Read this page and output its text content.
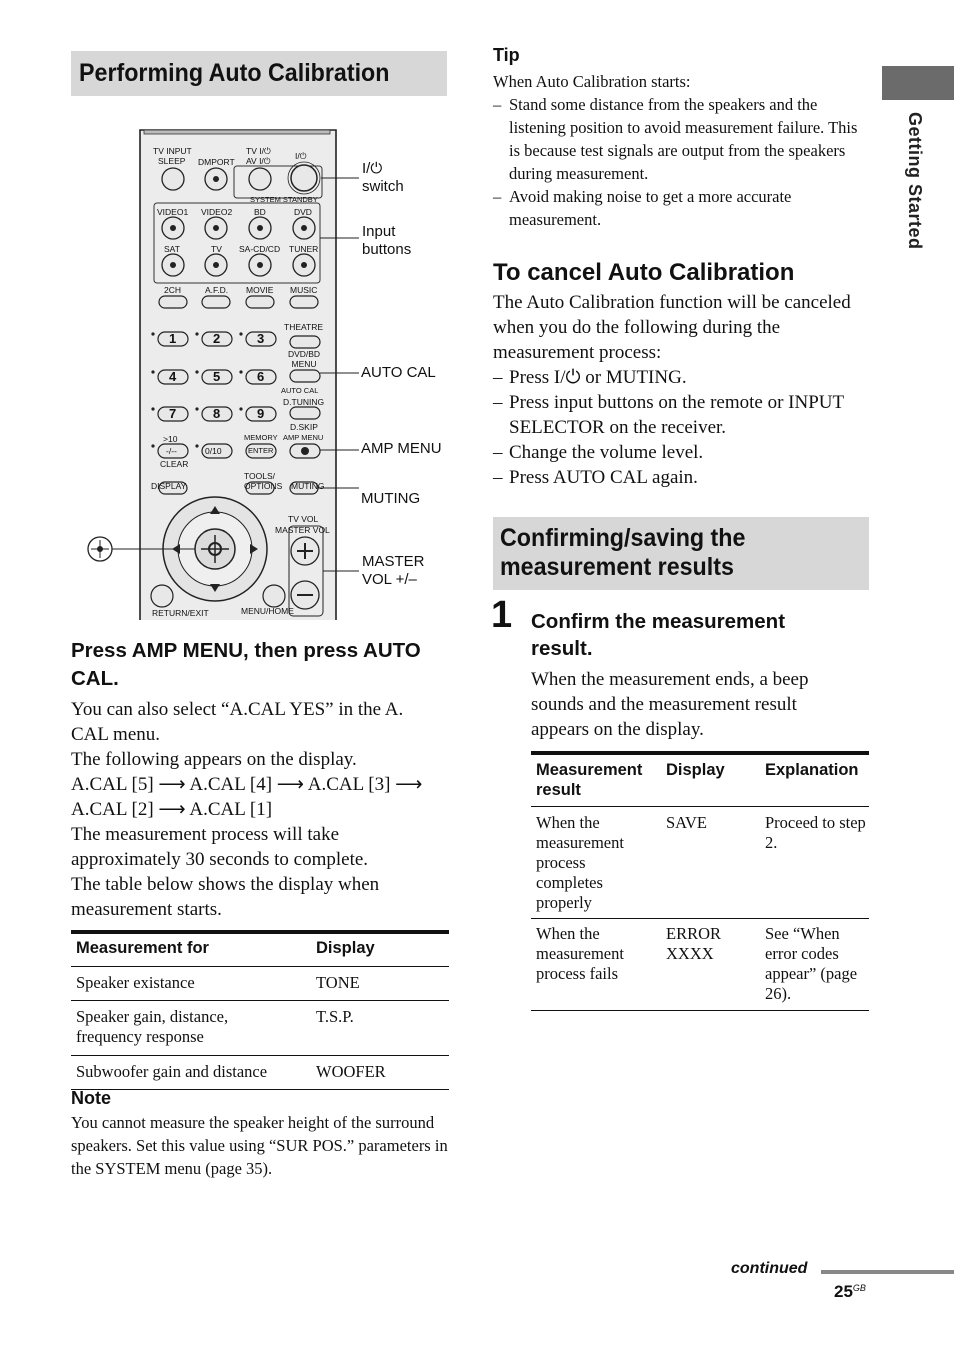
Getting Started
Performing Auto Calibration
TV INPUT
SLEEP DMPORT
TV I/⏻
AV I/⏻	I/⏻
SYSTEM STANDBY
VIDEO1 VIDEO2	BD	DVD
SAT	TV SA-CD/CD TUNER
2CH	A.F.D. MOVIE MUSIC
1	2	3
4	5	6
7	8	9
THEATRE
DVD/BD MENU
AUTO CAL
D.TUNING
D.SKIP
AMP MENU
MEMORY
ENTER
>10
-/--	0/10
CLEAR
DISPLAY
TOOLS/
OPTIONS MUTING
TV VOL
MASTER VOL
RETURN/EXIT	MENU/HOME
I/⏻
switch
Input
buttons
AUTO CAL
AMP MENU
MUTING
MASTER
VOL +/–
Press AMP MENU, then press AUTO CAL.
You can also select “A.CAL YES” in the A. CAL menu.
The following appears on the display.
A.CAL [5] ⟶ A.CAL [4] ⟶ A.CAL [3] ⟶ A.CAL [2] ⟶ A.CAL [1]
The measurement process will take approximately 30 seconds to complete.
The table below shows the display when measurement starts.
Measurement for	Display
Speaker existance	TONE
Speaker gain, distance, frequency response	T.S.P.
Subwoofer gain and distance	WOOFER
Note
You cannot measure the speaker height of the surround speakers. Set this value using “SUR POS.” parameters in the SYSTEM menu (page 35).
Tip
When Auto Calibration starts:
– Stand some distance from the speakers and the listening position to avoid measurement failure. This is because test signals are output from the speakers during measurement.
– Avoid making noise to get a more accurate measurement.
To cancel Auto Calibration
The Auto Calibration function will be canceled when you do the following during the measurement process:
– Press I/⏻ or MUTING.
– Press input buttons on the remote or INPUT SELECTOR on the receiver.
– Change the volume level.
– Press AUTO CAL again.
Confirming/saving the
measurement results
1 Confirm the measurement result.
When the measurement ends, a beep sounds and the measurement result appears on the display.
Measurement result	Display	Explanation
When the measurement process completes properly	SAVE	Proceed to step 2.
When the measurement process fails	ERROR XXXX	See “When error codes appear” (page 26).
continued
$25^{GB}$
